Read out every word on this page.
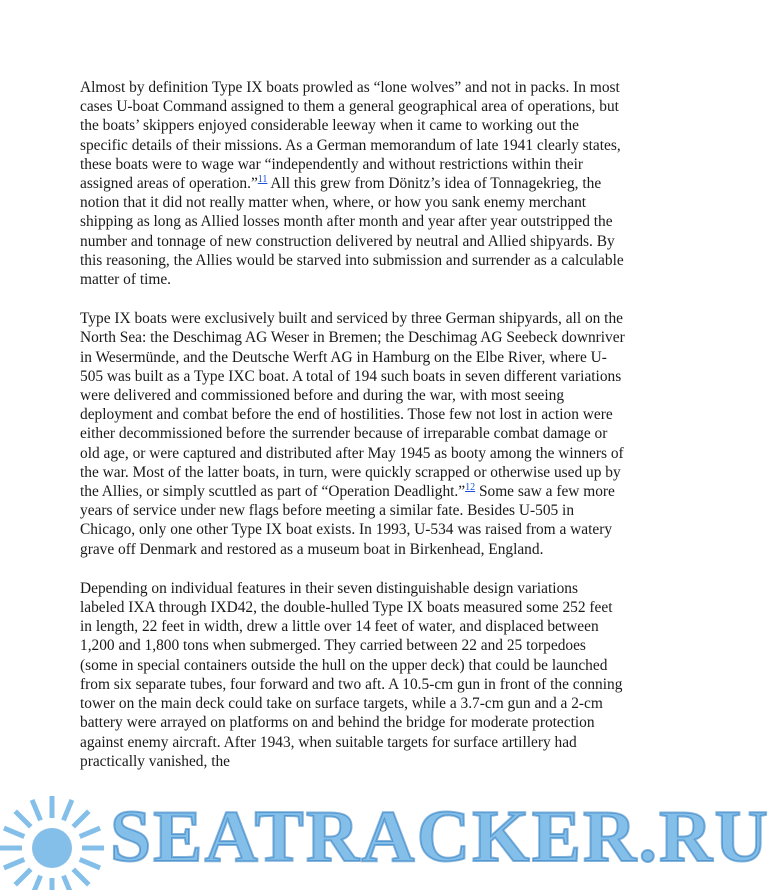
Almost by definition Type IX boats prowled as “lone wolves” and not in packs. In most cases U-boat Command assigned to them a general geographical area of operations, but the boats’ skippers enjoyed considerable leeway when it came to working out the specific details of their missions. As a German memorandum of late 1941 clearly states, these boats were to wage war “independently and without restrictions within their assigned areas of operation.”$^{11}$ All this grew from Dönitz’s idea of Tonnagekrieg, the notion that it did not really matter when, where, or how you sank enemy merchant shipping as long as Allied losses month after month and year after year outstripped the number and tonnage of new construction delivered by neutral and Allied shipyards. By this reasoning, the Allies would be starved into submission and surrender as a calculable matter of time.

Type IX boats were exclusively built and serviced by three German shipyards, all on the North Sea: the Deschimag AG Weser in Bremen; the Deschimag AG Seebeck downriver in Wesermünde, and the Deutsche Werft AG in Hamburg on the Elbe River, where U-505 was built as a Type IXC boat. A total of 194 such boats in seven different variations were delivered and commissioned before and during the war, with most seeing deployment and combat before the end of hostilities. Those few not lost in action were either decommissioned before the surrender because of irreparable combat damage or old age, or were captured and distributed after May 1945 as booty among the winners of the war. Most of the latter boats, in turn, were quickly scrapped or otherwise used up by the Allies, or simply scuttled as part of “Operation Deadlight.”$^{12}$ Some saw a few more years of service under new flags before meeting a similar fate. Besides U-505 in Chicago, only one other Type IX boat exists. In 1993, U-534 was raised from a watery grave off Denmark and restored as a museum boat in Birkenhead, England.

Depending on individual features in their seven distinguishable design variations labeled IXA through IXD42, the double-hulled Type IX boats measured some 252 feet in length, 22 feet in width, drew a little over 14 feet of water, and displaced between 1,200 and 1,800 tons when submerged. They carried between 22 and 25 torpedoes (some in special containers outside the hull on the upper deck) that could be launched from six separate tubes, four forward and two aft. A 10.5-cm gun in front of the conning tower on the main deck could take on surface targets, while a 3.7-cm gun and a 2-cm battery were arrayed on platforms on and behind the bridge for moderate protection against enemy aircraft. After 1943, when suitable targets for surface artillery had practically vanished, the

SEATRACKER.RU
